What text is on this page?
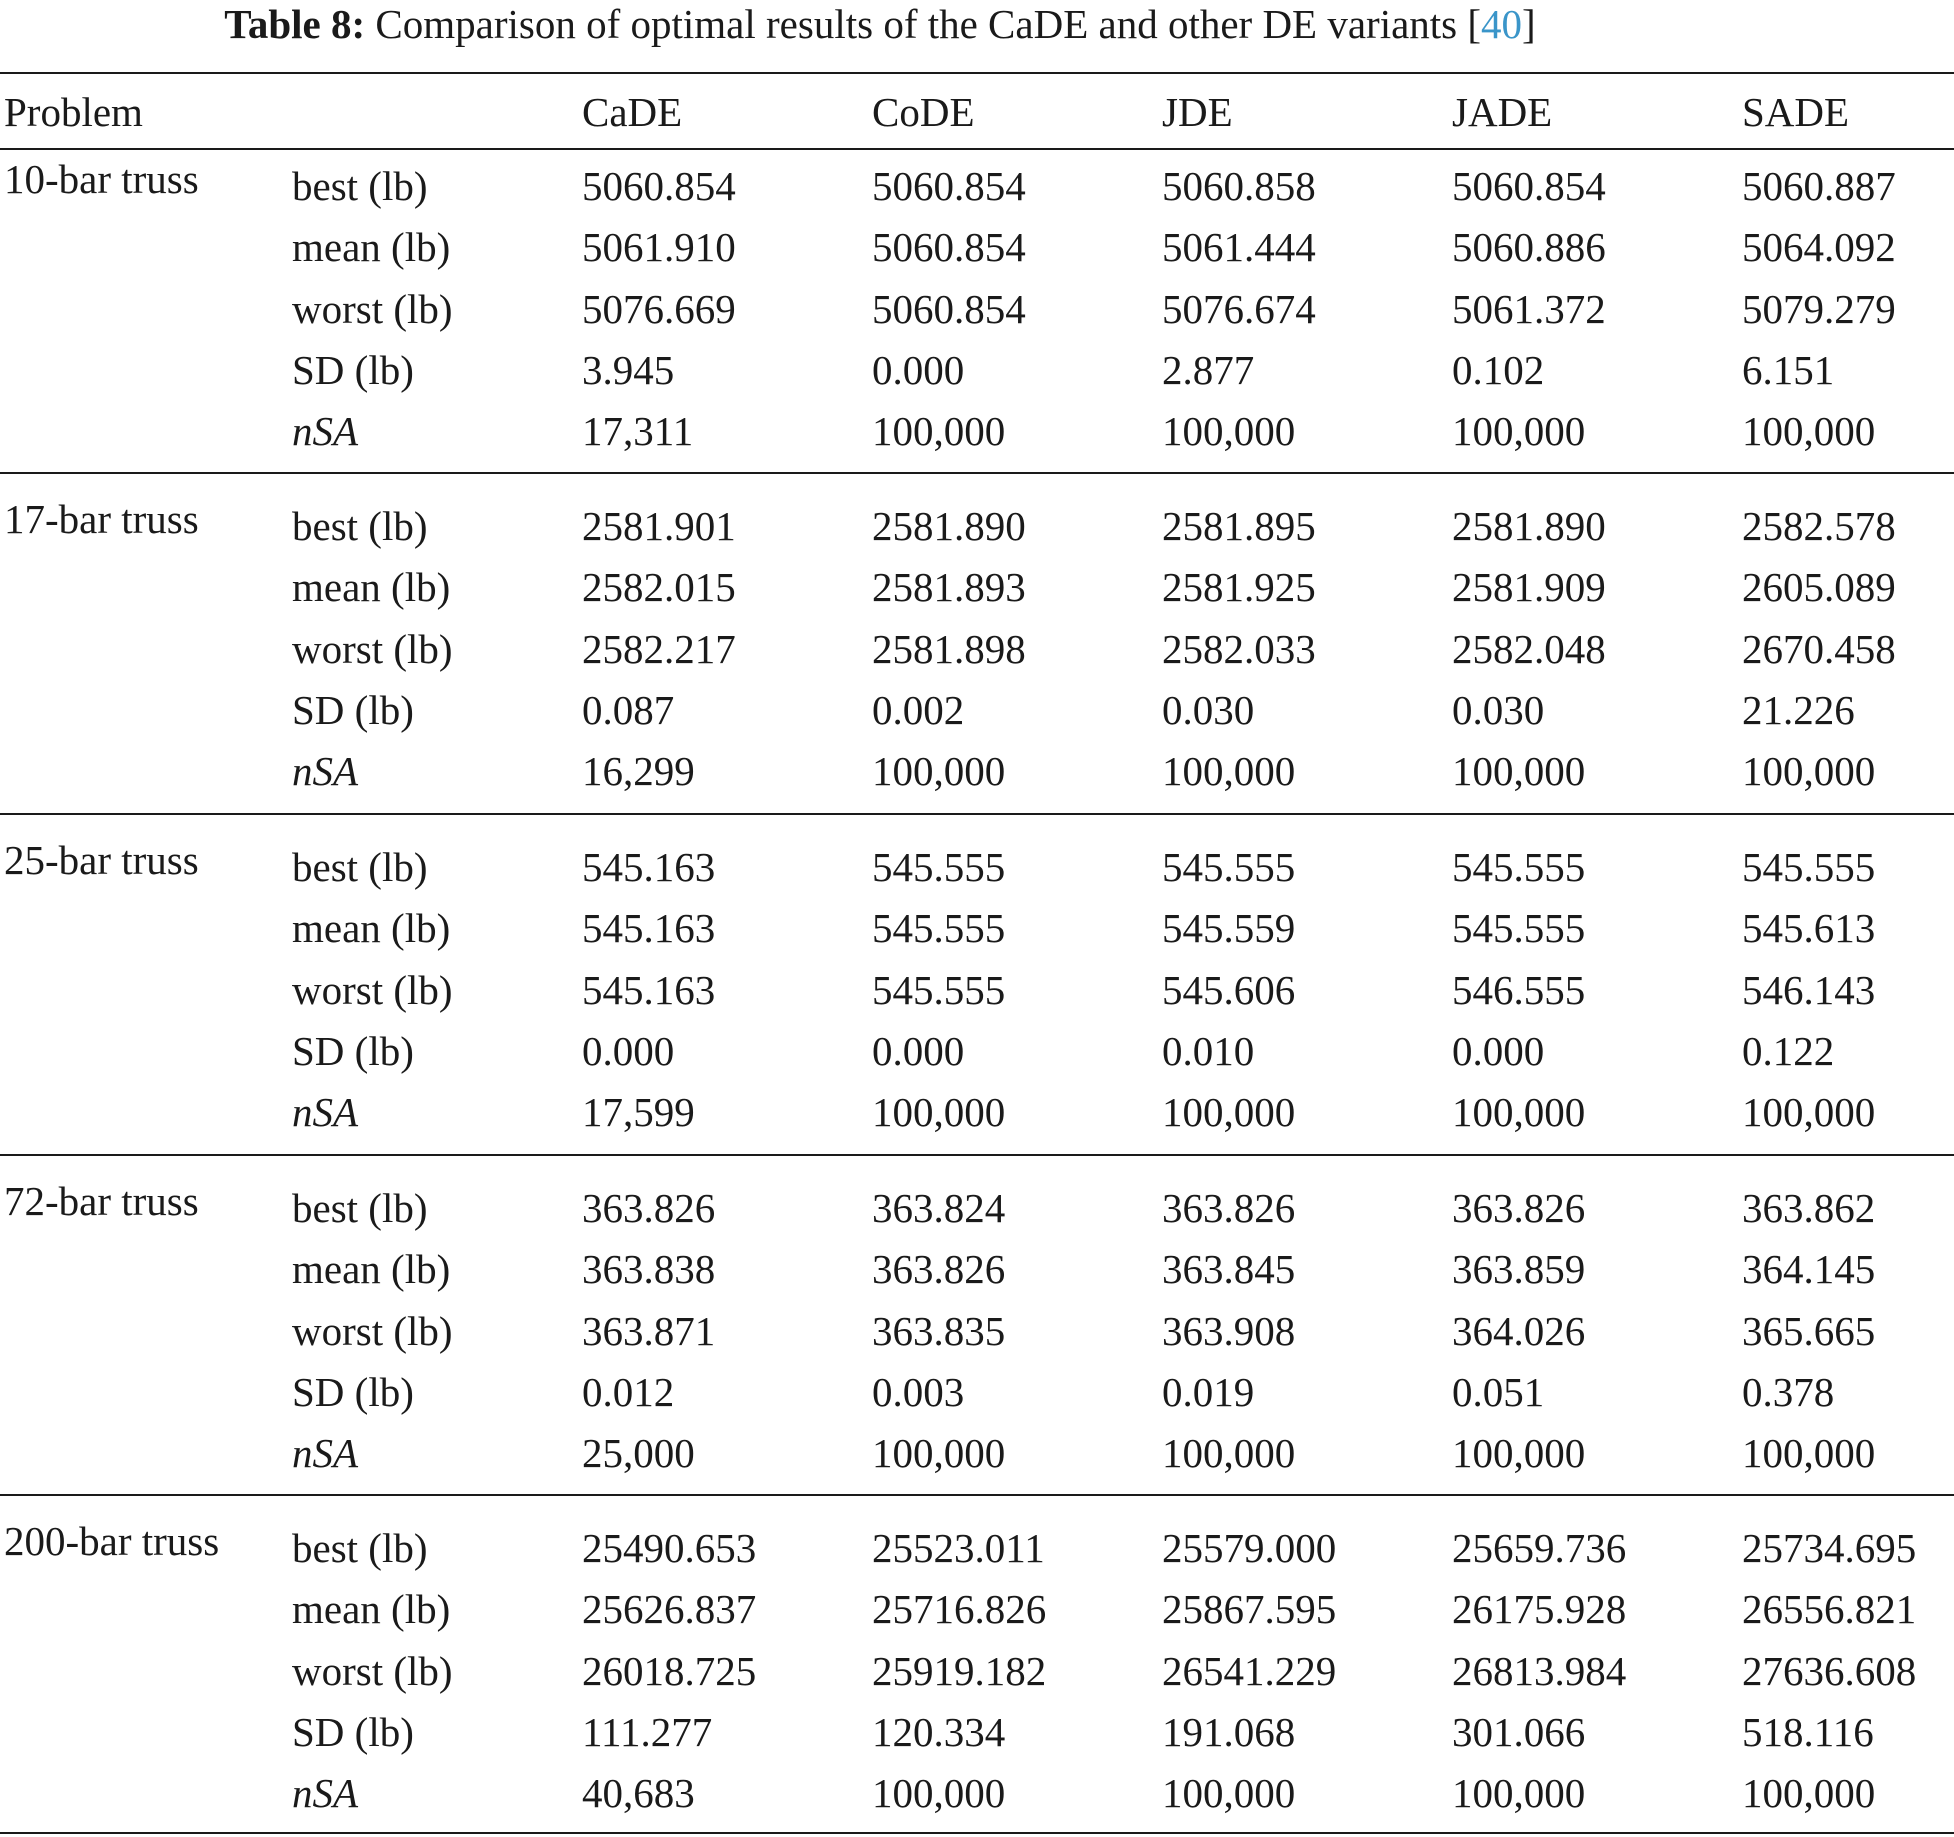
Table 8: Comparison of optimal results of the CaDE and other DE variants [40]
Problem	CaDE	CoDE	JDE	JADE	SADE
10-bar truss best (lb)	5060.854	5060.854	5060.858	5060.854	5060.887
mean (lb)	5061.910	5060.854	5061.444	5060.886	5064.092
worst (lb)	5076.669	5060.854	5076.674	5061.372	5079.279
SD (lb)	3.945	0.000	2.877	0.102	6.151
nSA	17,311	100,000	100,000	100,000	100,000
17-bar truss best (lb)	2581.901	2581.890	2581.895	2581.890	2582.578
mean (lb)	2582.015	2581.893	2581.925	2581.909	2605.089
worst (lb)	2582.217	2581.898	2582.033	2582.048	2670.458
SD (lb)	0.087	0.002	0.030	0.030	21.226
nSA	16,299	100,000	100,000	100,000	100,000
25-bar truss best (lb)	545.163	545.555	545.555	545.555	545.555
mean (lb)	545.163	545.555	545.559	545.555	545.613
worst (lb)	545.163	545.555	545.606	546.555	546.143
SD (lb)	0.000	0.000	0.010	0.000	0.122
nSA	17,599	100,000	100,000	100,000	100,000
72-bar truss best (lb)	363.826	363.824	363.826	363.826	363.862
mean (lb)	363.838	363.826	363.845	363.859	364.145
worst (lb)	363.871	363.835	363.908	364.026	365.665
SD (lb)	0.012	0.003	0.019	0.051	0.378
nSA	25,000	100,000	100,000	100,000	100,000
200-bar truss best (lb)	25490.653	25523.011	25579.000	25659.736	25734.695
mean (lb)	25626.837	25716.826	25867.595	26175.928	26556.821
worst (lb)	26018.725	25919.182	26541.229	26813.984	27636.608
SD (lb)	111.277	120.334	191.068	301.066	518.116
nSA	40,683	100,000	100,000	100,000	100,000
